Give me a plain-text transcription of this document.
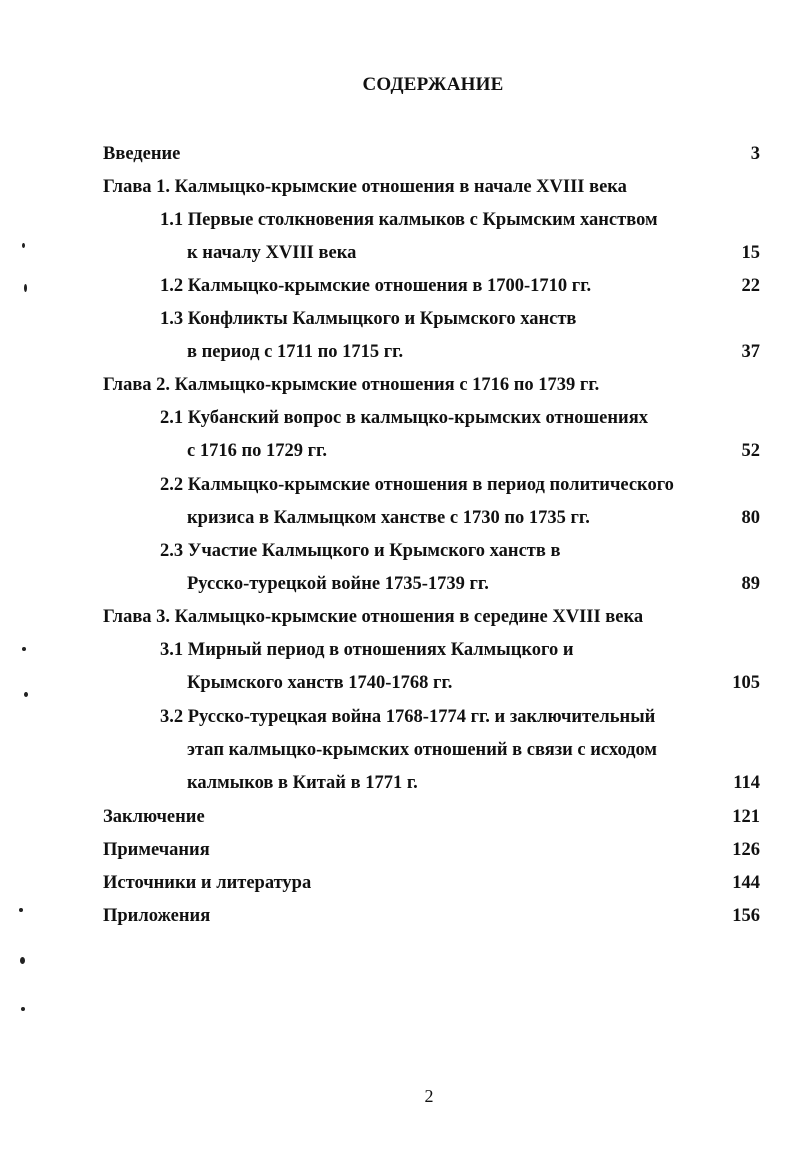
СОДЕРЖАНИЕ
Введение	3
Глава 1. Калмыцко-крымские отношения в начале XVIII века
1.1 Первые столкновения калмыков с Крымским ханством
к началу XVIII века	15
1.2 Калмыцко-крымские отношения в 1700-1710 гг.	22
1.3 Конфликты Калмыцкого и Крымского ханств
в период с 1711 по 1715 гг.	37
Глава 2. Калмыцко-крымские отношения с 1716 по 1739 гг.
2.1 Кубанский вопрос в калмыцко-крымских отношениях
с 1716 по 1729 гг.	52
2.2 Калмыцко-крымские отношения в период политического
кризиса в Калмыцком ханстве с 1730 по 1735 гг.	80
2.3 Участие Калмыцкого и Крымского ханств в
Русско-турецкой войне 1735-1739 гг.	89
Глава 3. Калмыцко-крымские отношения в середине XVIII века
3.1 Мирный период в отношениях Калмыцкого и
Крымского ханств 1740-1768 гг.	105
3.2 Русско-турецкая война 1768-1774 гг. и заключительный
этап калмыцко-крымских отношений в связи с исходом
калмыков в Китай в 1771 г.	114
Заключение	121
Примечания	126
Источники и литература	144
Приложения	156
2
